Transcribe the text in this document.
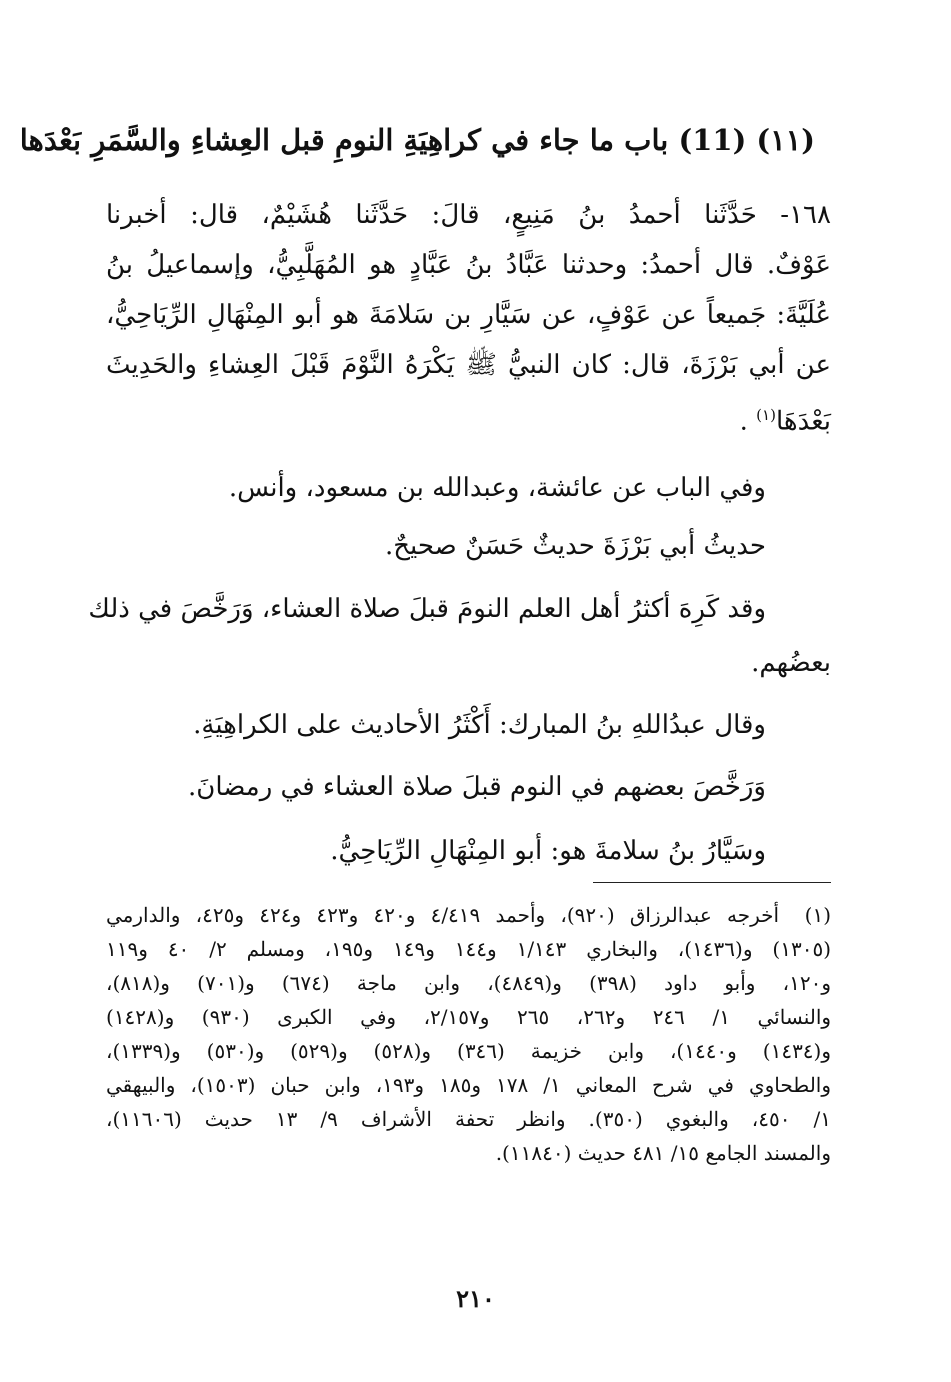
(١١) (11) باب ما جاء في كراهِيَةِ النومِ قبل العِشاءِ والسَّمَرِ بَعْدَها
١٦٨- حَدَّثَنا أحمدُ بنُ مَنِيعٍ، قالَ: حَدَّثَنا هُشَيْمٌ، قال: أخبرنا
عَوْفٌ. قال أحمدُ: وحدثنا عَبَّادُ بنُ عَبَّادٍ هو المُهَلَّبِيُّ، وإسماعيلُ بنُ
عُلَيَّةَ: جَميعاً عن عَوْفٍ، عن سَيَّارِ بن سَلامَةَ هو أبو المِنْهَالِ الرِّيَاحِيُّ،
عن أبي بَرْزَةَ، قال: كان النبيُّ ﷺ يَكْرَهُ النَّوْمَ قَبْلَ العِشاءِ والحَدِيثَ
بَعْدَهَا$^{(١)}$ .
وفي الباب عن عائشة، وعبدالله بن مسعود، وأنس.
حديثُ أبي بَرْزَةَ حديثٌ حَسَنٌ صحيحٌ.
وقد كَرِهَ أكثرُ أهل العلم النومَ قبلَ صلاة العشاء، وَرَخَّصَ في ذلك
بعضُهم.
وقال عبدُاللهِ بنُ المبارك: أَكْثَرُ الأحاديث على الكراهِيَةِ.
وَرَخَّصَ بعضهم في النوم قبلَ صلاة العشاء في رمضانَ.
وسَيَّارُ بنُ سلامةَ هو: أبو المِنْهَالِ الرِّيَاحِيُّ.
(١)
أخرجه عبدالرزاق (٩٢٠)، وأحمد ٤/٤١٩ و٤٢٠ و٤٢٣ و٤٢٤ و٤٢٥، والدارمي
(١٣٠٥) و(١٤٣٦)، والبخاري ١/١٤٣ و١٤٤ و١٤٩ و١٩٥، ومسلم ٢/ ٤٠ و١١٩
و١٢٠، وأبو داود (٣٩٨) و(٤٨٤٩)، وابن ماجة (٦٧٤) و(٧٠١) و(٨١٨)،
والنسائي ١/ ٢٤٦ و٢٦٢، ٢٦٥ و٢/١٥٧، وفي الكبرى (٩٣٠) و(١٤٢٨)
و(١٤٣٤) و١٤٤٠)، وابن خزيمة (٣٤٦) و(٥٢٨) و(٥٢٩) و(٥٣٠) و(١٣٣٩)،
والطحاوي في شرح المعاني ١/ ١٧٨ و١٨٥ و١٩٣، وابن حبان (١٥٠٣)، والبيهقي
١/ ٤٥٠، والبغوي (٣٥٠). وانظر تحفة الأشراف ٩/ ١٣ حديث (١١٦٠٦)،
والمسند الجامع ١٥/ ٤٨١ حديث (١١٨٤٠).
٢١٠
